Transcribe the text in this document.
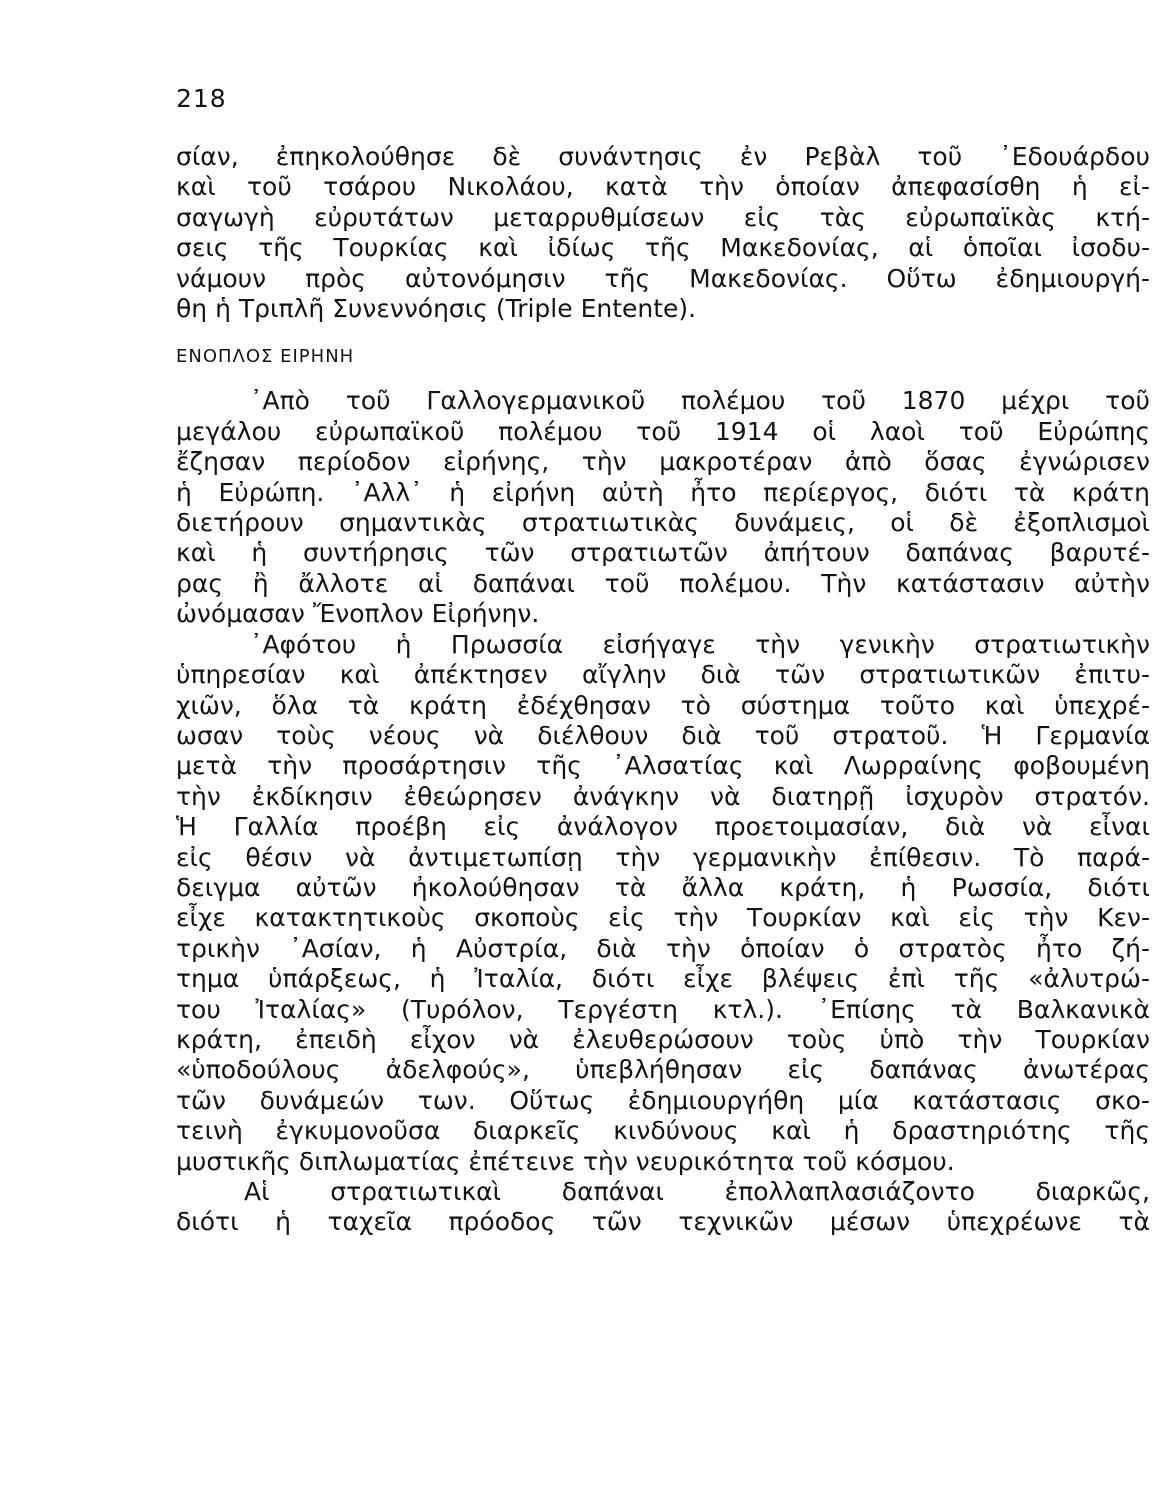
218
σίαν, ἐπηκολούθησε δὲ συνάντησις ἐν Ρεβὰλ τοῦ ᾿Εδουάρδου
καὶ τοῦ τσάρου Νικολάου, κατὰ τὴν ὁποίαν ἀπεφασίσθη ἡ εἰ-
σαγωγὴ εὐρυτάτων μεταρρυθμίσεων εἰς τὰς εὐρωπαϊκὰς κτή-
σεις τῆς Τουρκίας καὶ ἰδίως τῆς Μακεδονίας, αἱ ὁποῖαι ἰσοδυ-
νάμουν πρὸς αὐτονόμησιν τῆς Μακεδονίας. Οὕτω ἐδημιουργή-
θη ἡ Τριπλῆ Συνεννόησις (Triple Entente).
ΕΝΟΠΛΟΣ ΕΙΡΗΝΗ
᾿Απὸ τοῦ Γαλλογερμανικοῦ πολέμου τοῦ 1870 μέχρι τοῦ
μεγάλου εὐρωπαϊκοῦ πολέμου τοῦ 1914 οἱ λαοὶ τοῦ Εὐρώπης
ἔζησαν περίοδον εἰρήνης, τὴν μακροτέραν ἀπὸ ὅσας ἐγνώρισεν
ἡ Εὐρώπη. ᾿Αλλ᾿ ἡ εἰρήνη αὐτὴ ἦτο περίεργος, διότι τὰ κράτη
διετήρουν σημαντικὰς στρατιωτικὰς δυνάμεις, οἱ δὲ ἐξοπλισμοὶ
καὶ ἡ συντήρησις τῶν στρατιωτῶν ἀπήτουν δαπάνας βαρυτέ-
ρας ἢ ἄλλοτε αἱ δαπάναι τοῦ πολέμου. Τὴν κατάστασιν αὐτὴν
ὠνόμασαν Ἔνοπλον Εἰρήνην.
᾿Αφότου ἡ Πρωσσία εἰσήγαγε τὴν γενικὴν στρατιωτικὴν
ὑπηρεσίαν καὶ ἀπέκτησεν αἴγλην διὰ τῶν στρατιωτικῶν ἐπιτυ-
χιῶν, ὅλα τὰ κράτη ἐδέχθησαν τὸ σύστημα τοῦτο καὶ ὑπεχρέ-
ωσαν τοὺς νέους νὰ διέλθουν διὰ τοῦ στρατοῦ. Ἡ Γερμανία
μετὰ τὴν προσάρτησιν τῆς ᾿Αλσατίας καὶ Λωρραίνης φοβουμένη
τὴν ἐκδίκησιν ἐθεώρησεν ἀνάγκην νὰ διατηρῇ ἰσχυρὸν στρατόν.
Ἡ Γαλλία προέβη εἰς ἀνάλογον προετοιμασίαν, διὰ νὰ εἶναι
εἰς θέσιν νὰ ἀντιμετωπίσῃ τὴν γερμανικὴν ἐπίθεσιν. Τὸ παρά-
δειγμα αὐτῶν ἠκολούθησαν τὰ ἄλλα κράτη, ἡ Ρωσσία, διότι
εἶχε κατακτητικοὺς σκοποὺς εἰς τὴν Τουρκίαν καὶ εἰς τὴν Κεν-
τρικὴν ᾿Ασίαν, ἡ Αὐστρία, διὰ τὴν ὁποίαν ὁ στρατὸς ἦτο ζή-
τημα ὑπάρξεως, ἡ Ἰταλία, διότι εἶχε βλέψεις ἐπὶ τῆς «ἀλυτρώ-
του Ἰταλίας» (Τυρόλον, Τεργέστη κτλ.). ᾿Επίσης τὰ Βαλκανικὰ
κράτη, ἐπειδὴ εἶχον νὰ ἐλευθερώσουν τοὺς ὑπὸ τὴν Τουρκίαν
«ὑποδούλους ἀδελφούς», ὑπεβλήθησαν εἰς δαπάνας ἀνωτέρας
τῶν δυνάμεών των. Οὕτως ἐδημιουργήθη μία κατάστασις σκο-
τεινὴ ἐγκυμονοῦσα διαρκεῖς κινδύνους καὶ ἡ δραστηριότης τῆς
μυστικῆς διπλωματίας ἐπέτεινε τὴν νευρικότητα τοῦ κόσμου.
Αἱ στρατιωτικαὶ δαπάναι ἐπολλαπλασιάζοντο διαρκῶς,
διότι ἡ ταχεῖα πρόοδος τῶν τεχνικῶν μέσων ὑπεχρέωνε τὰ
